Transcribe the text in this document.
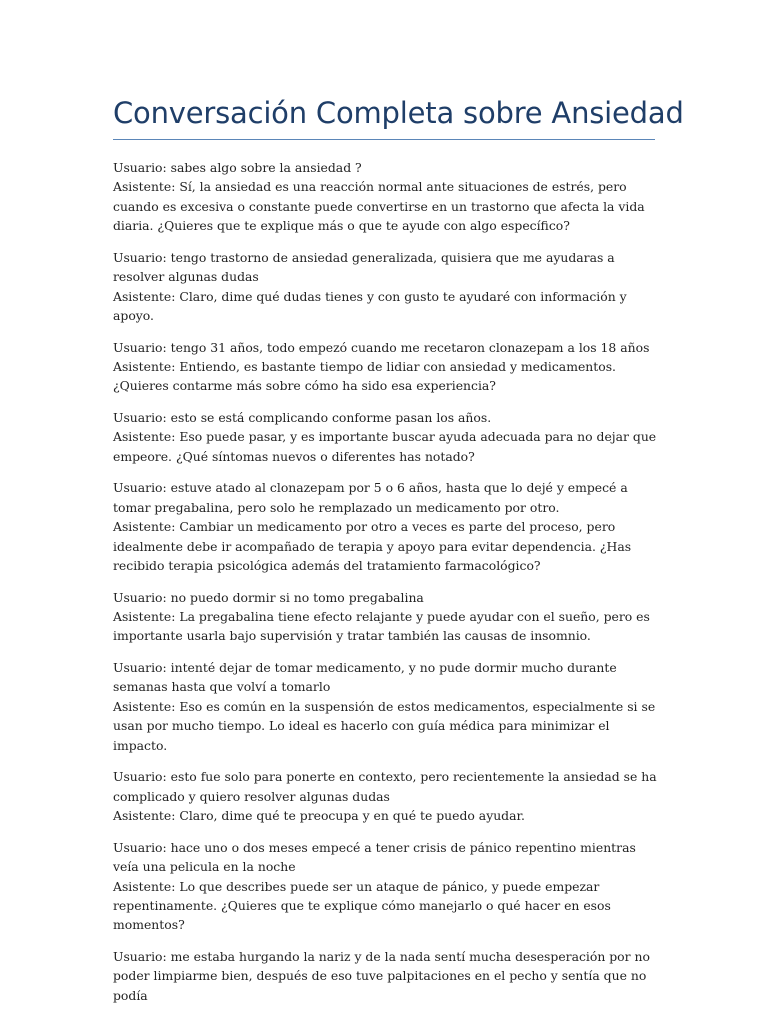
Conversación Completa sobre Ansiedad
Usuario: sabes algo sobre la ansiedad ?
Asistente: Sí, la ansiedad es una reacción normal ante situaciones de estrés, pero cuando es excesiva o constante puede convertirse en un trastorno que afecta la vida diaria. ¿Quieres que te explique más o que te ayude con algo específico?
Usuario: tengo trastorno de ansiedad generalizada, quisiera que me ayudaras a resolver algunas dudas
Asistente: Claro, dime qué dudas tienes y con gusto te ayudaré con información y apoyo.
Usuario: tengo 31 años, todo empezó cuando me recetaron clonazepam a los 18 años
Asistente: Entiendo, es bastante tiempo de lidiar con ansiedad y medicamentos. ¿Quieres contarme más sobre cómo ha sido esa experiencia?
Usuario: esto se está complicando conforme pasan los años.
Asistente: Eso puede pasar, y es importante buscar ayuda adecuada para no dejar que empeore. ¿Qué síntomas nuevos o diferentes has notado?
Usuario: estuve atado al clonazepam por 5 o 6 años, hasta que lo dejé y empecé a tomar pregabalina, pero solo he remplazado un medicamento por otro.
Asistente: Cambiar un medicamento por otro a veces es parte del proceso, pero idealmente debe ir acompañado de terapia y apoyo para evitar dependencia. ¿Has recibido terapia psicológica además del tratamiento farmacológico?
Usuario: no puedo dormir si no tomo pregabalina
Asistente: La pregabalina tiene efecto relajante y puede ayudar con el sueño, pero es importante usarla bajo supervisión y tratar también las causas de insomnio.
Usuario: intenté dejar de tomar medicamento, y no pude dormir mucho durante semanas hasta que volví a tomarlo
Asistente: Eso es común en la suspensión de estos medicamentos, especialmente si se usan por mucho tiempo. Lo ideal es hacerlo con guía médica para minimizar el impacto.
Usuario: esto fue solo para ponerte en contexto, pero recientemente la ansiedad se ha complicado y quiero resolver algunas dudas
Asistente: Claro, dime qué te preocupa y en qué te puedo ayudar.
Usuario: hace uno o dos meses empecé a tener crisis de pánico repentino mientras veía una pelicula en la noche
Asistente: Lo que describes puede ser un ataque de pánico, y puede empezar repentinamente. ¿Quieres que te explique cómo manejarlo o qué hacer en esos momentos?
Usuario: me estaba hurgando la nariz y de la nada sentí mucha desesperación por no poder limpiarme bien, después de eso tuve palpitaciones en el pecho y sentía que no podía
